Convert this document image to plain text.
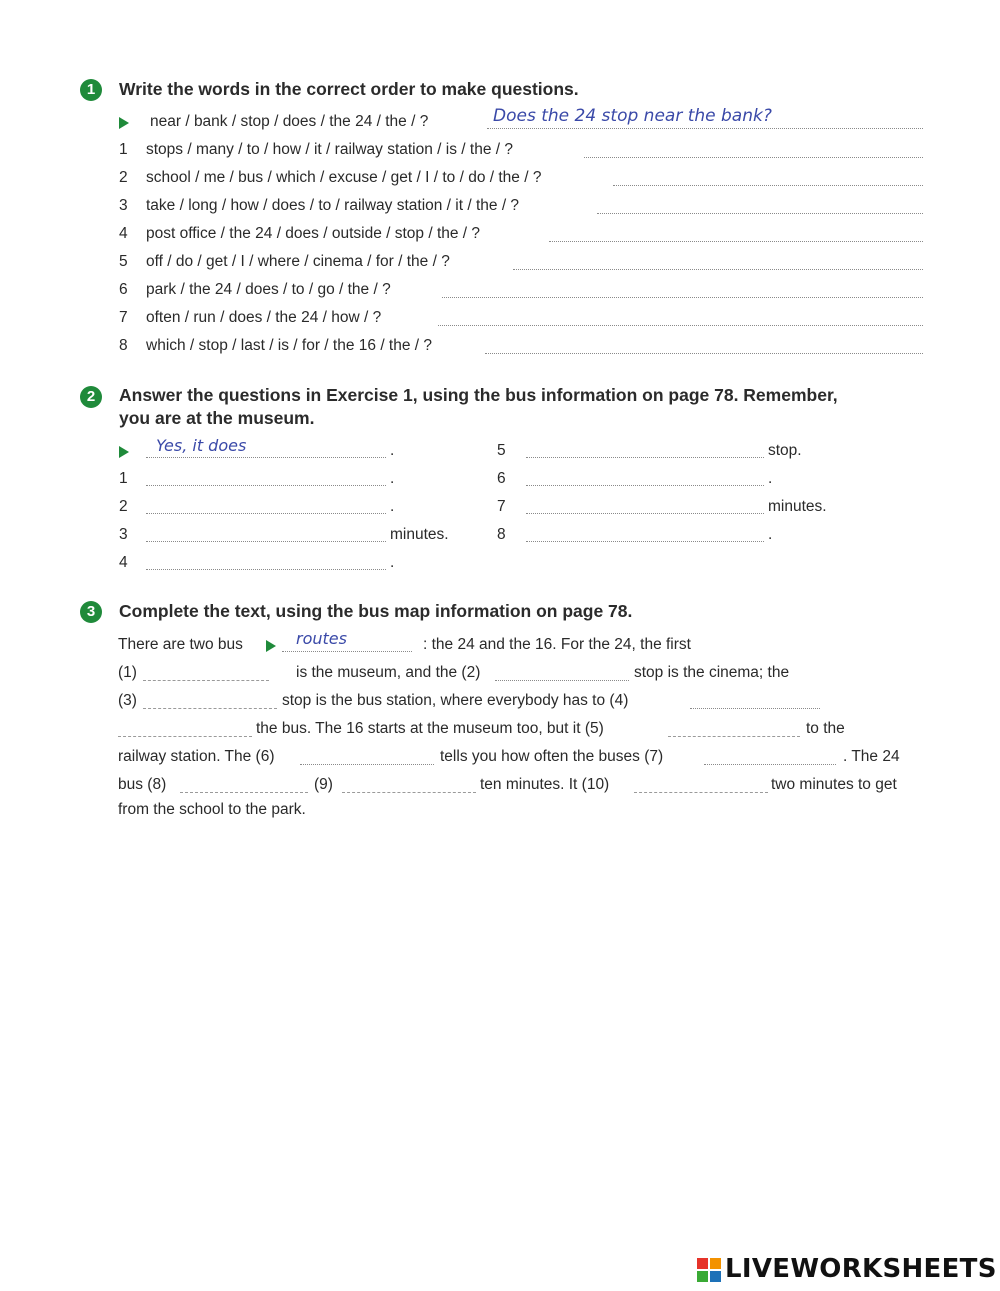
1	Write the words in the correct order to make questions.
near / bank / stop / does / the 24 / the / ?	Does the 24 stop near the bank?
1	stops / many / to / how / it / railway station / is / the / ?
2	school / me / bus / which / excuse / get / I / to / do / the / ?
3	take / long / how / does / to / railway station / it / the / ?
4	post office / the 24 / does / outside / stop / the / ?
5	off / do / get / I / where / cinema / for / the / ?
6	park / the 24 / does / to / go / the / ?
7	often / run / does / the 24 / how / ?
8	which / stop / last / is / for / the 16 / the / ?
2	Answer the questions in Exercise 1, using the bus information on page 78. Remember,
you are at the museum.
Yes, it does	.
1	.
2	.
3	minutes.
4	.
5	stop.
6	.
7	minutes.
8	.
3	Complete the text, using the bus map information on page 78.
There are two bus	routes	: the 24 and the 16. For the 24, the first
(1)	is the museum, and the (2)	stop is the cinema; the
(3)	stop is the bus station, where everybody has to (4)
the bus. The 16 starts at the museum too, but it (5)	to the
railway station. The (6)	tells you how often the buses (7)	. The 24
bus (8)	(9)	ten minutes. It (10)	two minutes to get
from the school to the park.
LIVEWORKSHEETS
